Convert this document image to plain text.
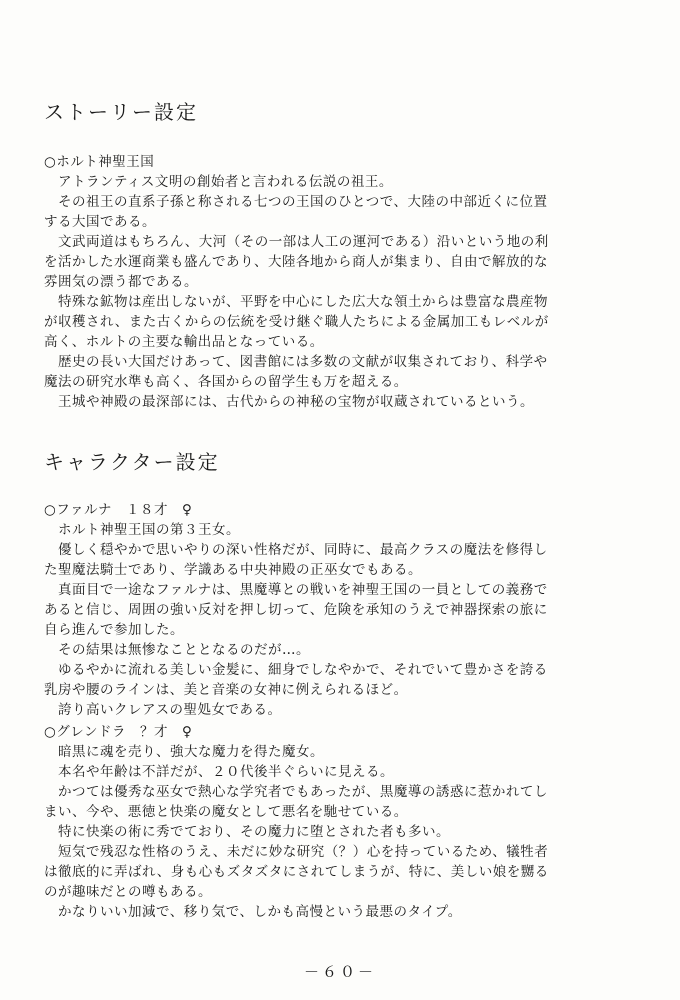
ストーリー設定

○ホルト神聖王国

アトランティス文明の創始者と言われる伝説の祖王。

その祖王の直系子孫と称される七つの王国のひとつで、大陸の中部近くに位置

する大国である。

文武両道はもちろん、大河（その一部は人工の運河である）沿いという地の利

を活かした水運商業も盛んであり、大陸各地から商人が集まり、自由で解放的な

雰囲気の漂う都である。

特殊な鉱物は産出しないが、平野を中心にした広大な領土からは豊富な農産物

が収穫され、また古くからの伝統を受け継ぐ職人たちによる金属加工もレベルが

高く、ホルトの主要な輸出品となっている。

歴史の長い大国だけあって、図書館には多数の文献が収集されており、科学や

魔法の研究水準も高く、各国からの留学生も万を超える。

王城や神殿の最深部には、古代からの神秘の宝物が収蔵されているという。

キャラクター設定

○ファルナ　１８才　♀

ホルト神聖王国の第３王女。

優しく穏やかで思いやりの深い性格だが、同時に、最高クラスの魔法を修得し

た聖魔法騎士であり、学識ある中央神殿の正巫女でもある。

真面目で一途なファルナは、黒魔導との戦いを神聖王国の一員としての義務で

あると信じ、周囲の強い反対を押し切って、危険を承知のうえで神器探索の旅に

自ら進んで参加した。

その結果は無惨なこととなるのだが…。

ゆるやかに流れる美しい金髪に、細身でしなやかで、それでいて豊かさを誇る

乳房や腰のラインは、美と音楽の女神に例えられるほど。

誇り高いクレアスの聖処女である。

○グレンドラ　？才　♀

暗黒に魂を売り、強大な魔力を得た魔女。

本名や年齢は不詳だが、２０代後半ぐらいに見える。

かつては優秀な巫女で熱心な学究者でもあったが、黒魔導の誘惑に惹かれてし

まい、今や、悪徳と快楽の魔女として悪名を馳せている。

特に快楽の術に秀でており、その魔力に堕とされた者も多い。

短気で残忍な性格のうえ、未だに妙な研究（？）心を持っているため、犠牲者

は徹底的に弄ばれ、身も心もズタズタにされてしまうが、特に、美しい娘を嬲る

のが趣味だとの噂もある。

かなりいい加減で、移り気で、しかも高慢という最悪のタイプ。

－６０－
